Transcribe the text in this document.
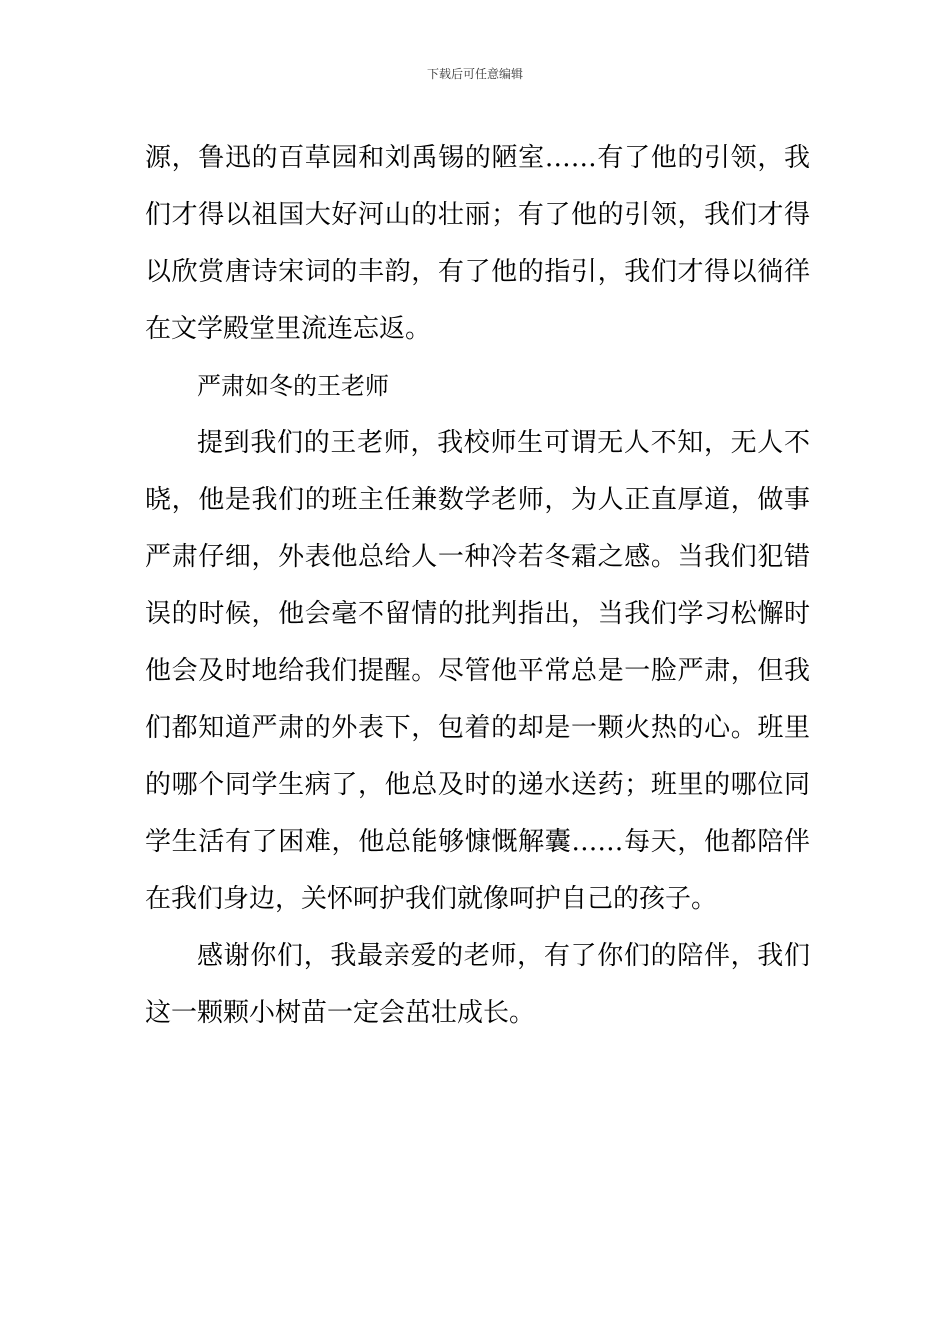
下载后可任意编辑
源，鲁迅的百草园和刘禹锡的陋室……有了他的引领，我
们才得以祖国大好河山的壮丽；有了他的引领，我们才得
以欣赏唐诗宋词的丰韵，有了他的指引，我们才得以徜徉
在文学殿堂里流连忘返。
严肃如冬的王老师
提到我们的王老师，我校师生可谓无人不知，无人不
晓，他是我们的班主任兼数学老师，为人正直厚道，做事
严肃仔细，外表他总给人一种冷若冬霜之感。当我们犯错
误的时候，他会毫不留情的批判指出，当我们学习松懈时
他会及时地给我们提醒。尽管他平常总是一脸严肃，但我
们都知道严肃的外表下，包着的却是一颗火热的心。班里
的哪个同学生病了，他总及时的递水送药；班里的哪位同
学生活有了困难，他总能够慷慨解囊……每天，他都陪伴
在我们身边，关怀呵护我们就像呵护自己的孩子。
感谢你们，我最亲爱的老师，有了你们的陪伴，我们
这一颗颗小树苗一定会茁壮成长。
